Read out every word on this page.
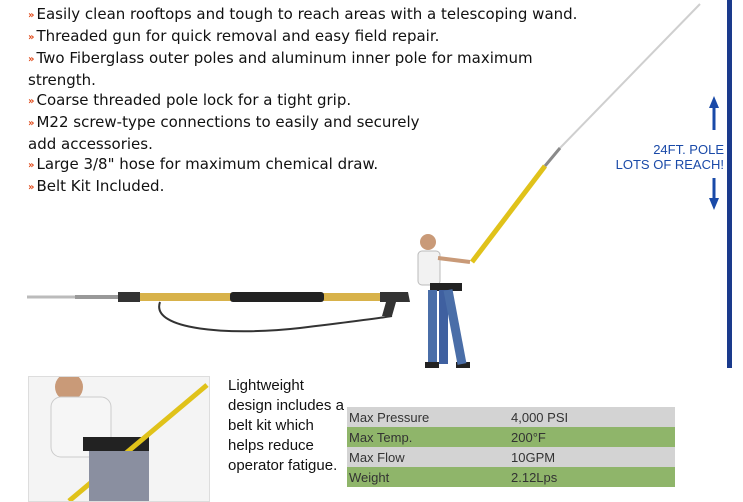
» Easily clean rooftops and tough to reach areas with a telescoping wand.
» Threaded gun for quick removal and easy field repair.
» Two Fiberglass outer poles and aluminum inner pole for maximum strength.
» Coarse threaded pole lock for a tight grip.
» M22 screw-type connections to easily and securely add accessories.
» Large 3/8" hose for maximum chemical draw.
» Belt Kit Included.
24FT. POLE
LOTS OF REACH!
Lightweight design includes a belt kit which helps reduce operator fatigue.
Max Pressure	4,000 PSI
Max Temp.	200°F
Max Flow	10GPM
Weight	2.12Lps
